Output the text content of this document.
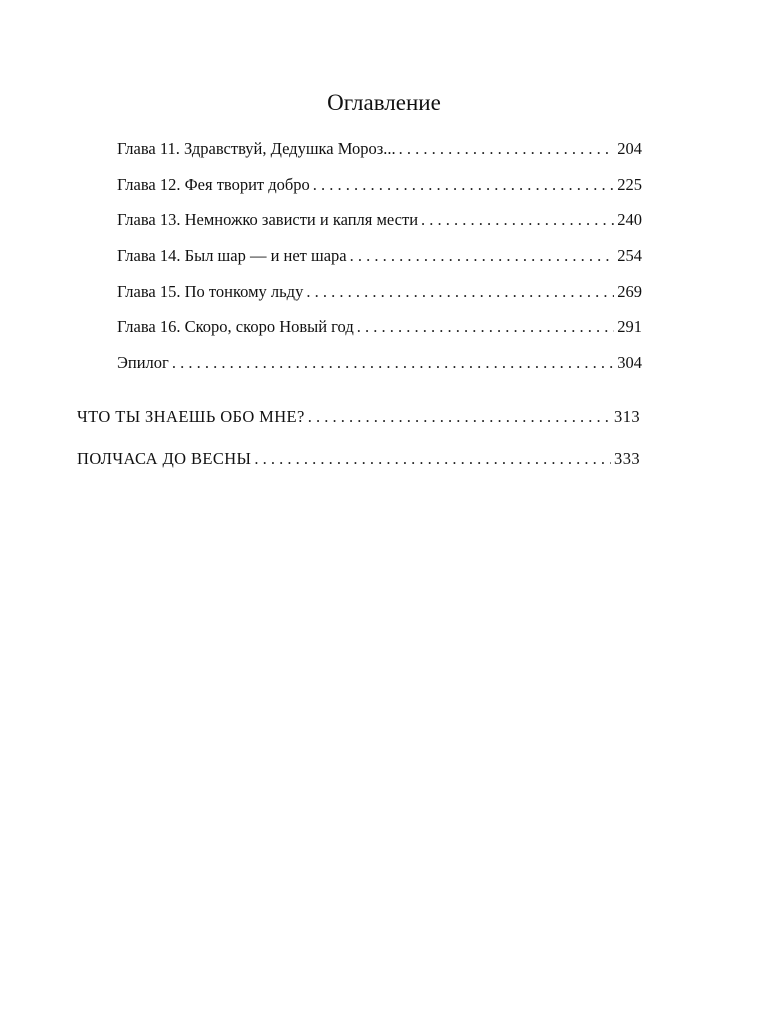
Оглавление
Глава 11. Здравствуй, Дедушка Мороз... . . .	204
Глава 12. Фея творит добро . . .	225
Глава 13. Немножко зависти и капля мести . . .	240
Глава 14. Был шар — и нет шара . . .	254
Глава 15. По тонкому льду . . .	269
Глава 16. Скоро, скоро Новый год . . .	291
Эпилог . . .	304
ЧТО ТЫ ЗНАЕШЬ ОБО МНЕ? . . .	313
ПОЛЧАСА ДО ВЕСНЫ . . .	333
